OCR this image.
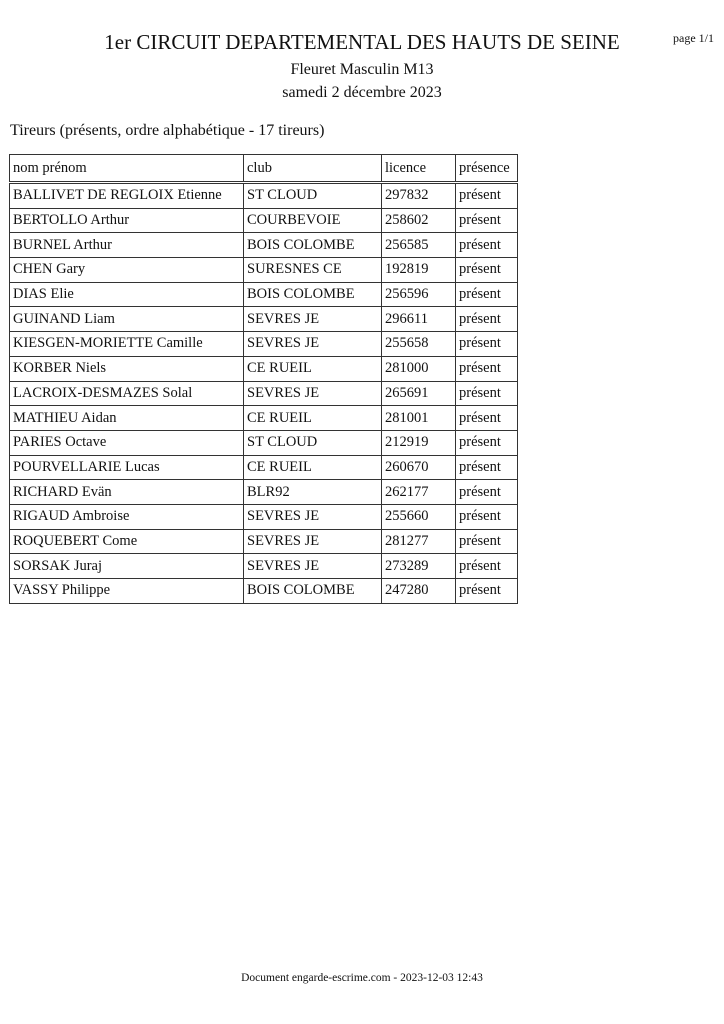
page 1/1
1er CIRCUIT DEPARTEMENTAL DES HAUTS DE SEINE
Fleuret Masculin M13
samedi 2 décembre 2023
Tireurs (présents, ordre alphabétique - 17 tireurs)
nom prénom	club	licence	présence
BALLIVET DE REGLOIX Etienne	ST CLOUD	297832	présent
BERTOLLO Arthur	COURBEVOIE	258602	présent
BURNEL Arthur	BOIS COLOMBE	256585	présent
CHEN Gary	SURESNES CE	192819	présent
DIAS Elie	BOIS COLOMBE	256596	présent
GUINAND Liam	SEVRES JE	296611	présent
KIESGEN-MORIETTE Camille	SEVRES JE	255658	présent
KORBER Niels	CE RUEIL	281000	présent
LACROIX-DESMAZES Solal	SEVRES JE	265691	présent
MATHIEU Aidan	CE RUEIL	281001	présent
PARIES Octave	ST CLOUD	212919	présent
POURVELLARIE Lucas	CE RUEIL	260670	présent
RICHARD Evän	BLR92	262177	présent
RIGAUD Ambroise	SEVRES JE	255660	présent
ROQUEBERT Come	SEVRES JE	281277	présent
SORSAK Juraj	SEVRES JE	273289	présent
VASSY Philippe	BOIS COLOMBE	247280	présent
Document engarde-escrime.com - 2023-12-03 12:43
